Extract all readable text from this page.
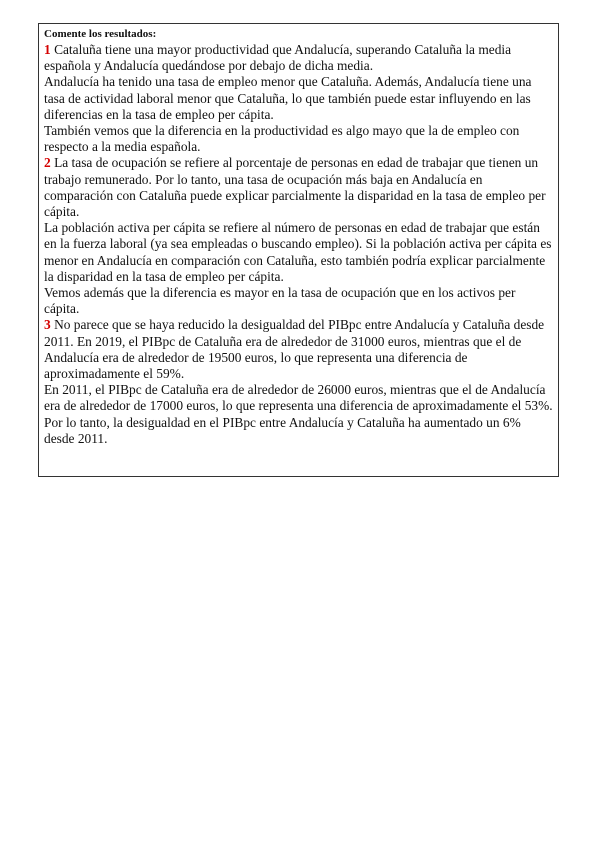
Comente los resultados:

1 Cataluña tiene una mayor productividad que Andalucía, superando Cataluña la media española y Andalucía quedándose por debajo de dicha media.

Andalucía ha tenido una tasa de empleo menor que Cataluña. Además, Andalucía tiene una tasa de actividad laboral menor que Cataluña, lo que también puede estar influyendo en las diferencias en la tasa de empleo per cápita.

También vemos que la diferencia en la productividad es algo mayo que la de empleo con respecto a la media española.

2 La tasa de ocupación se refiere al porcentaje de personas en edad de trabajar que tienen un trabajo remunerado. Por lo tanto, una tasa de ocupación más baja en Andalucía en comparación con Cataluña puede explicar parcialmente la disparidad en la tasa de empleo per cápita.

La población activa per cápita se refiere al número de personas en edad de trabajar que están en la fuerza laboral (ya sea empleadas o buscando empleo). Si la población activa per cápita es menor en Andalucía en comparación con Cataluña, esto también podría explicar parcialmente la disparidad en la tasa de empleo per cápita.

Vemos además que la diferencia es mayor en la tasa de ocupación que en los activos per cápita.

3 No parece que se haya reducido la desigualdad del PIBpc entre Andalucía y Cataluña desde 2011. En 2019, el PIBpc de Cataluña era de alrededor de 31000 euros, mientras que el de Andalucía era de alrededor de 19500 euros, lo que representa una diferencia de aproximadamente el 59%.

En 2011, el PIBpc de Cataluña era de alrededor de 26000 euros, mientras que el de Andalucía era de alrededor de 17000 euros, lo que representa una diferencia de aproximadamente el 53%.

Por lo tanto, la desigualdad en el PIBpc entre Andalucía y Cataluña ha aumentado un 6% desde 2011.
